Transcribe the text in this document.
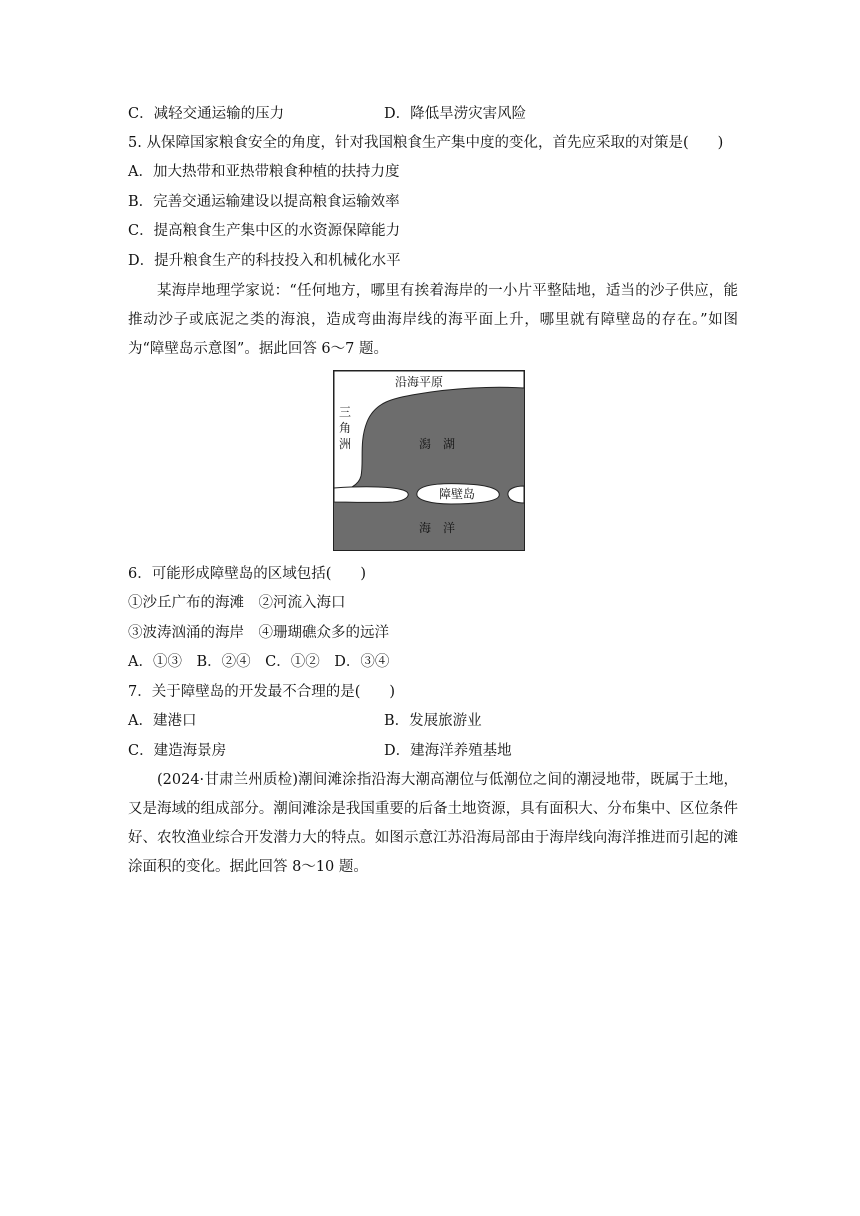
C．减轻交通运输的压力	D．降低旱涝灾害风险
5. 从保障国家粮食安全的角度，针对我国粮食生产集中度的变化，首先应采取的对策是(　　)
A．加大热带和亚热带粮食种植的扶持力度
B．完善交通运输建设以提高粮食运输效率
C．提高粮食生产集中区的水资源保障能力
D．提升粮食生产的科技投入和机械化水平
某海岸地理学家说：“任何地方，哪里有挨着海岸的一小片平整陆地，适当的沙子供应，能推动沙子或底泥之类的海浪，造成弯曲海岸线的海平面上升，哪里就有障壁岛的存在。”如图为“障壁岛示意图”。据此回答 6～7 题。
沿海平原
三
角
洲	潟　湖
障壁岛
海　洋
6．可能形成障壁岛的区域包括(　　)
①沙丘广布的海滩　②河流入海口
③波涛汹涌的海岸　④珊瑚礁众多的远洋
A．①③　B．②④　C．①②　D．③④
7．关于障壁岛的开发最不合理的是(　　)
A．建港口	B．发展旅游业
C．建造海景房	D．建海洋养殖基地
(2024·甘肃兰州质检)潮间滩涂指沿海大潮高潮位与低潮位之间的潮浸地带，既属于土地，又是海域的组成部分。潮间滩涂是我国重要的后备土地资源，具有面积大、分布集中、区位条件好、农牧渔业综合开发潜力大的特点。如图示意江苏沿海局部由于海岸线向海洋推进而引起的滩涂面积的变化。据此回答 8～10 题。
